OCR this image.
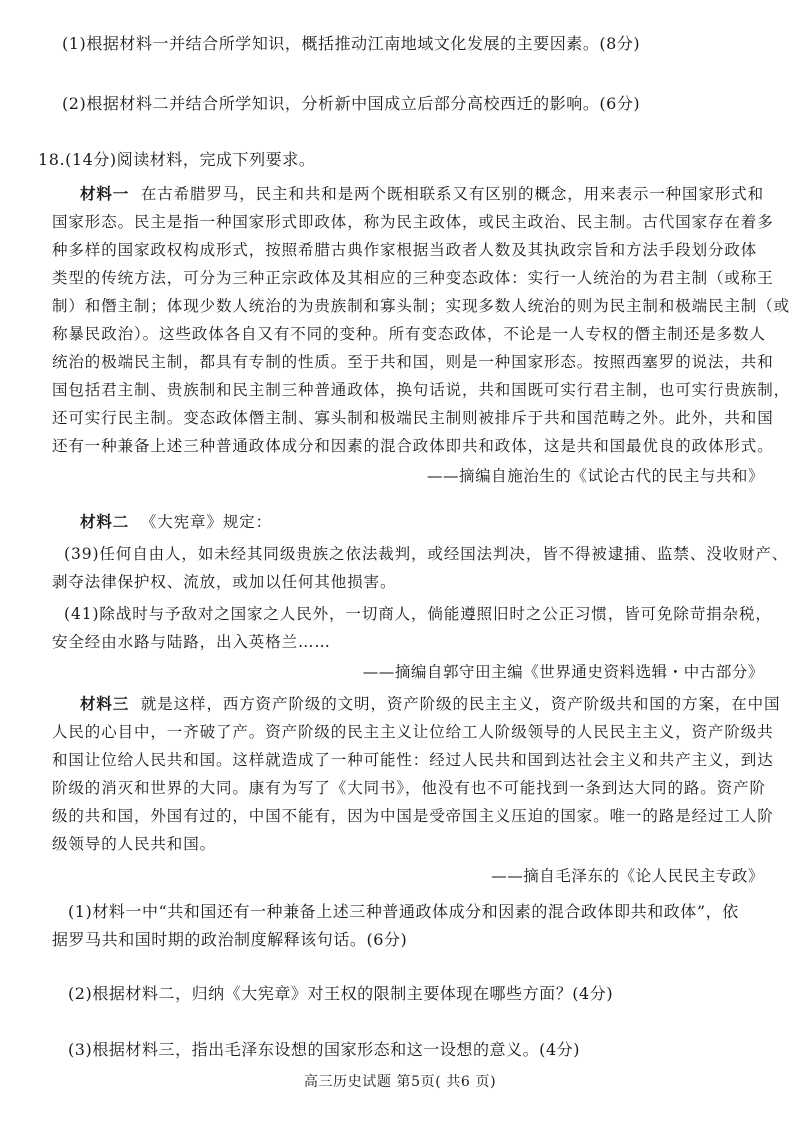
(1)根据材料一并结合所学知识，概括推动江南地域文化发展的主要因素。(8分)
(2)根据材料二并结合所学知识，分析新中国成立后部分高校西迁的影响。(6分)
18.(14分)阅读材料，完成下列要求。
材料一 在古希腊罗马，民主和共和是两个既相联系又有区别的概念，用来表示一种国家形式和
国家形态。民主是指一种国家形式即政体，称为民主政体，或民主政治、民主制。古代国家存在着多
种多样的国家政权构成形式，按照希腊古典作家根据当政者人数及其执政宗旨和方法手段划分政体
类型的传统方法，可分为三种正宗政体及其相应的三种变态政体：实行一人统治的为君主制（或称王
制）和僭主制；体现少数人统治的为贵族制和寡头制；实现多数人统治的则为民主制和极端民主制（或
称暴民政治）。这些政体各自又有不同的变种。所有变态政体，不论是一人专权的僭主制还是多数人
统治的极端民主制，都具有专制的性质。至于共和国，则是一种国家形态。按照西塞罗的说法，共和
国包括君主制、贵族制和民主制三种普通政体，换句话说，共和国既可实行君主制，也可实行贵族制，
还可实行民主制。变态政体僭主制、寡头制和极端民主制则被排斥于共和国范畴之外。此外，共和国
还有一种兼备上述三种普通政体成分和因素的混合政体即共和政体，这是共和国最优良的政体形式。
——摘编自施治生的《试论古代的民主与共和》
材料二 《大宪章》规定：
(39)任何自由人，如未经其同级贵族之依法裁判，或经国法判决，皆不得被逮捕、监禁、没收财产、
剥夺法律保护权、流放，或加以任何其他损害。
(41)除战时与予敌对之国家之人民外，一切商人，倘能遵照旧时之公正习惯，皆可免除苛捐杂税，
安全经由水路与陆路，出入英格兰……
——摘编自郭守田主编《世界通史资料选辑・中古部分》
材料三 就是这样，西方资产阶级的文明，资产阶级的民主主义，资产阶级共和国的方案，在中国
人民的心目中，一齐破了产。资产阶级的民主主义让位给工人阶级领导的人民民主主义，资产阶级共
和国让位给人民共和国。这样就造成了一种可能性：经过人民共和国到达社会主义和共产主义，到达
阶级的消灭和世界的大同。康有为写了《大同书》，他没有也不可能找到一条到达大同的路。资产阶
级的共和国，外国有过的，中国不能有，因为中国是受帝国主义压迫的国家。唯一的路是经过工人阶
级领导的人民共和国。
——摘自毛泽东的《论人民民主专政》
(1)材料一中“共和国还有一种兼备上述三种普通政体成分和因素的混合政体即共和政体”，依
据罗马共和国时期的政治制度解释该句话。(6分)
(2)根据材料二，归纳《大宪章》对王权的限制主要体现在哪些方面？(4分)
(3)根据材料三，指出毛泽东设想的国家形态和这一设想的意义。(4分)
高三历史试题 第5页( 共6 页)
